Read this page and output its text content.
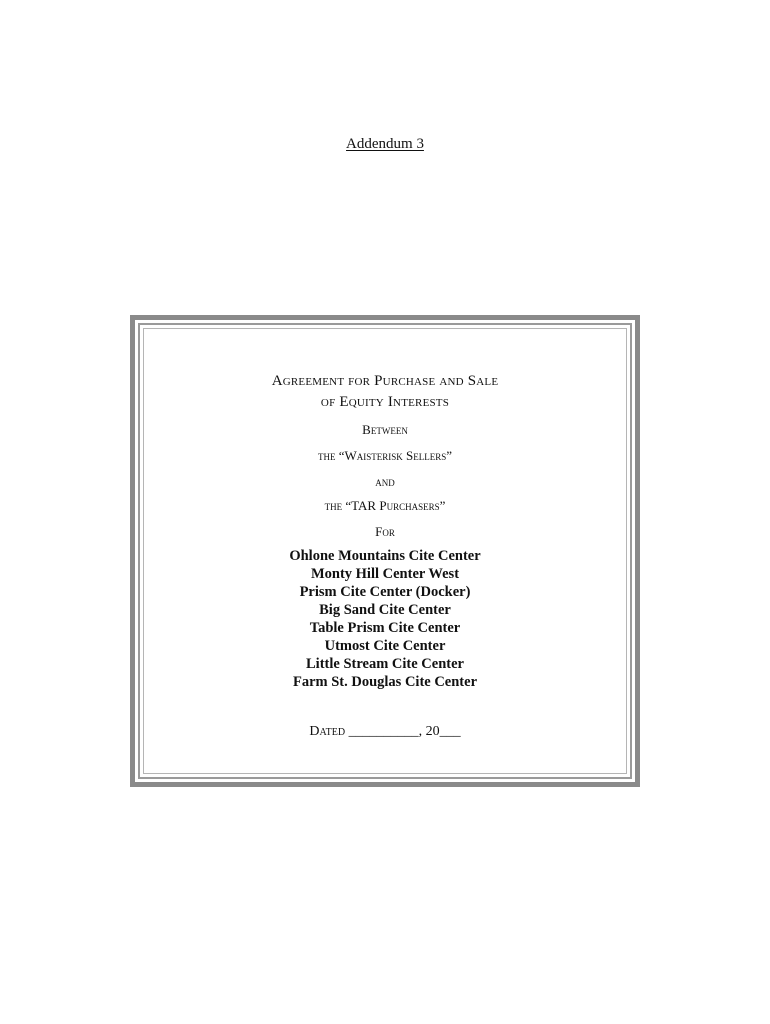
Addendum 3
Agreement for Purchase and Sale
of Equity Interests
Between
the “Waisterisk Sellers”
and
the “TAR Purchasers”
For
Ohlone Mountains Cite Center
Monty Hill Center West
Prism Cite Center (Docker)
Big Sand Cite Center
Table Prism Cite Center
Utmost Cite Center
Little Stream Cite Center
Farm St. Douglas Cite Center
Dated __________, 20___
